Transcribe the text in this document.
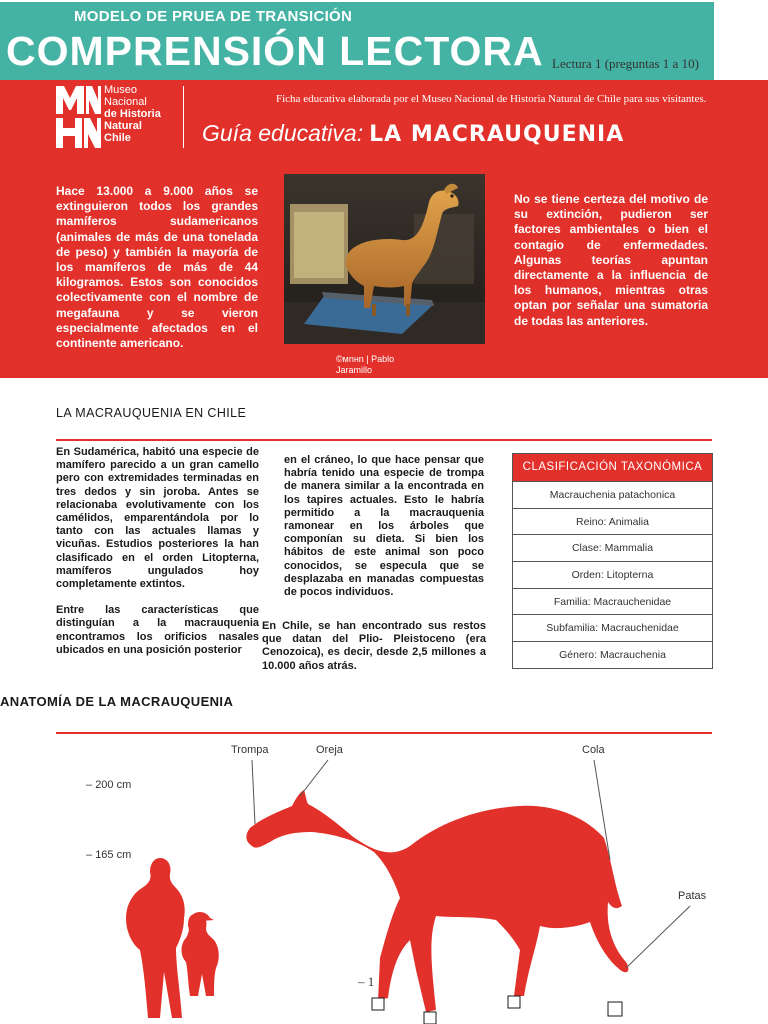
MODELO DE PRUEA DE TRANSICIÓN
COMPRENSIÓN LECTORA Lectura 1 (preguntas 1 a 10)
Museo
Nacional
de Historia
Natural
Chile
Ficha educativa elaborada por el Museo Nacional de Historia Natural de Chile para sus visitantes.
Guía educativa: LA MACRAUQUENIA
Hace 13.000 a 9.000 años se extinguieron todos los grandes mamíferos sudamericanos (animales de más de una tonelada de peso) y también la mayoría de los mamíferos de más de 44 kilogramos. Estos son conocidos colectivamente con el nombre de megafauna y se vieron especialmente afectados en el continente americano.
©мnнn | Pablo Jaramillo
No se tiene certeza del motivo de su extinción, pudieron ser factores ambientales o bien el contagio de enfermedades. Algunas teorías apuntan directamente a la influencia de los humanos, mientras otras optan por señalar una sumatoria de todas las anteriores.
LA MACRAUQUENIA EN CHILE

En Sudamérica, habitó una especie de mamífero parecido a un gran camello pero con extremidades terminadas en tres dedos y sin joroba. Antes se relacionaba evolutivamente con los camélidos, emparentándola por lo tanto con las actuales llamas y vicuñas. Estudios posteriores la han clasificado en el orden Litopterna, mamíferos ungulados hoy completamente extintos.

Entre las características que distinguían a la macrauquenia encontramos los orificios nasales ubicados en una posición posterior

en el cráneo, lo que hace pensar que habría tenido una especie de trompa de manera similar a la encontrada en los tapires actuales. Esto le habría permitido a la macrauquenia ramonear en los árboles que componían su dieta. Si bien los hábitos de este animal son poco conocidos, se especula que se desplazaba en manadas compuestas de pocos individuos.

En Chile, se han encontrado sus restos que datan del Plio- Pleistoceno (era Cenozoica), es decir, desde 2,5 millones a 10.000 años atrás.

CLASIFICACIÓN TAXONÓMICA
Macrauchenia patachonica
Reino: Animalia
Clase: Mammalia
Orden: Litopterna
Familia: Macrauchenidae
Subfamilia: Macrauchenidae
Género: Macrauchenia
ANATOMÍA DE LA MACRAUQUENIA
Trompa	Oreja	Cola
Patas
– 200 cm
– 165 cm
– 1
